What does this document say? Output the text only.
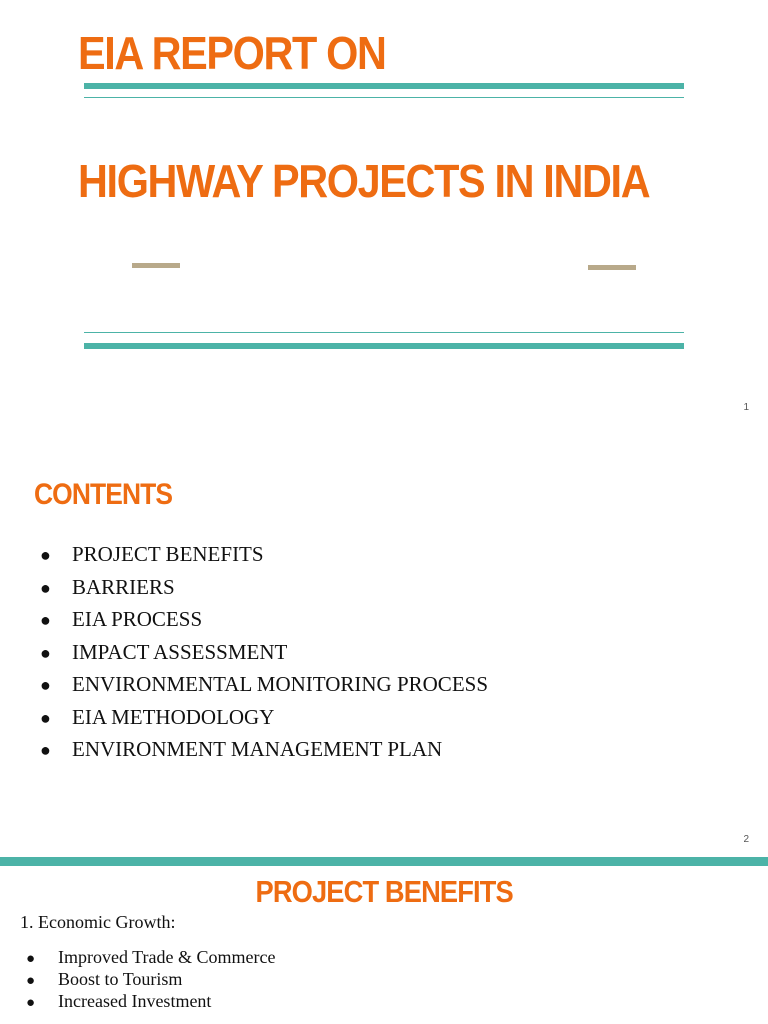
EIA REPORT ON
HIGHWAY PROJECTS IN INDIA
1
CONTENTS
● PROJECT BENEFITS
● BARRIERS
● EIA PROCESS
● IMPACT ASSESSMENT
● ENVIRONMENTAL MONITORING PROCESS
● EIA METHODOLOGY
● ENVIRONMENT MANAGEMENT PLAN
2
PROJECT BENEFITS
1. Economic Growth:
● Improved Trade & Commerce
● Boost to Tourism
● Increased Investment
